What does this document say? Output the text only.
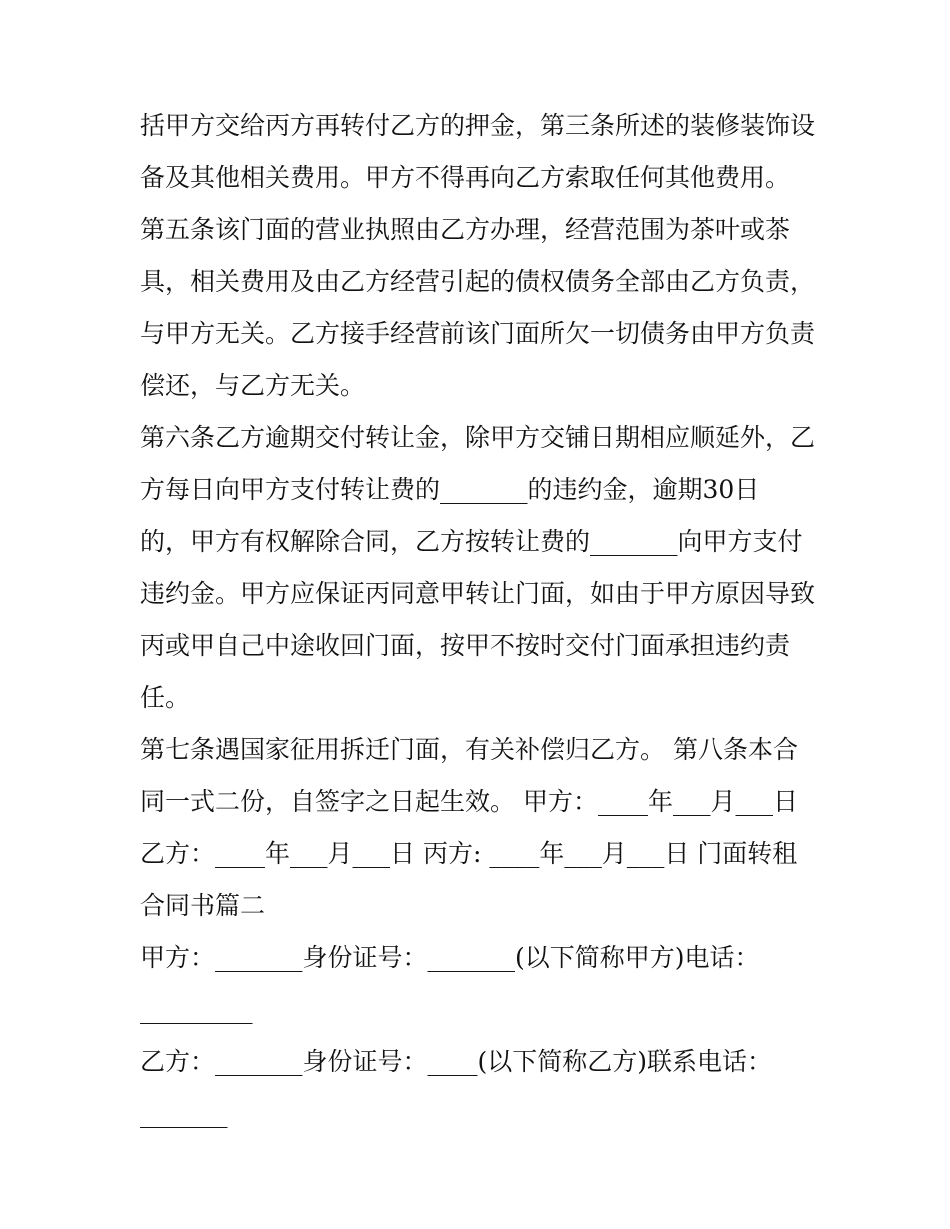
括甲方交给丙方再转付乙方的押金，第三条所述的装修装饰设
备及其他相关费用。甲方不得再向乙方索取任何其他费用。
第五条该门面的营业执照由乙方办理，经营范围为茶叶或茶
具，相关费用及由乙方经营引起的债权债务全部由乙方负责，
与甲方无关。乙方接手经营前该门面所欠一切债务由甲方负责
偿还，与乙方无关。
第六条乙方逾期交付转让金，除甲方交铺日期相应顺延外，乙
方每日向甲方支付转让费的_______的违约金，逾期30日
的，甲方有权解除合同，乙方按转让费的_______向甲方支付
违约金。甲方应保证丙同意甲转让门面，如由于甲方原因导致
丙或甲自己中途收回门面，按甲不按时交付门面承担违约责
任。
第七条遇国家征用拆迁门面，有关补偿归乙方。 第八条本合
同一式二份，自签字之日起生效。 甲方：____年___月___日
乙方：____年___月___日 丙方: ____年___月___日 门面转租
合同书篇二
甲方：_______身份证号：_______(以下简称甲方)电话：
_________
乙方：_______身份证号：____(以下简称乙方)联系电话：
_______
